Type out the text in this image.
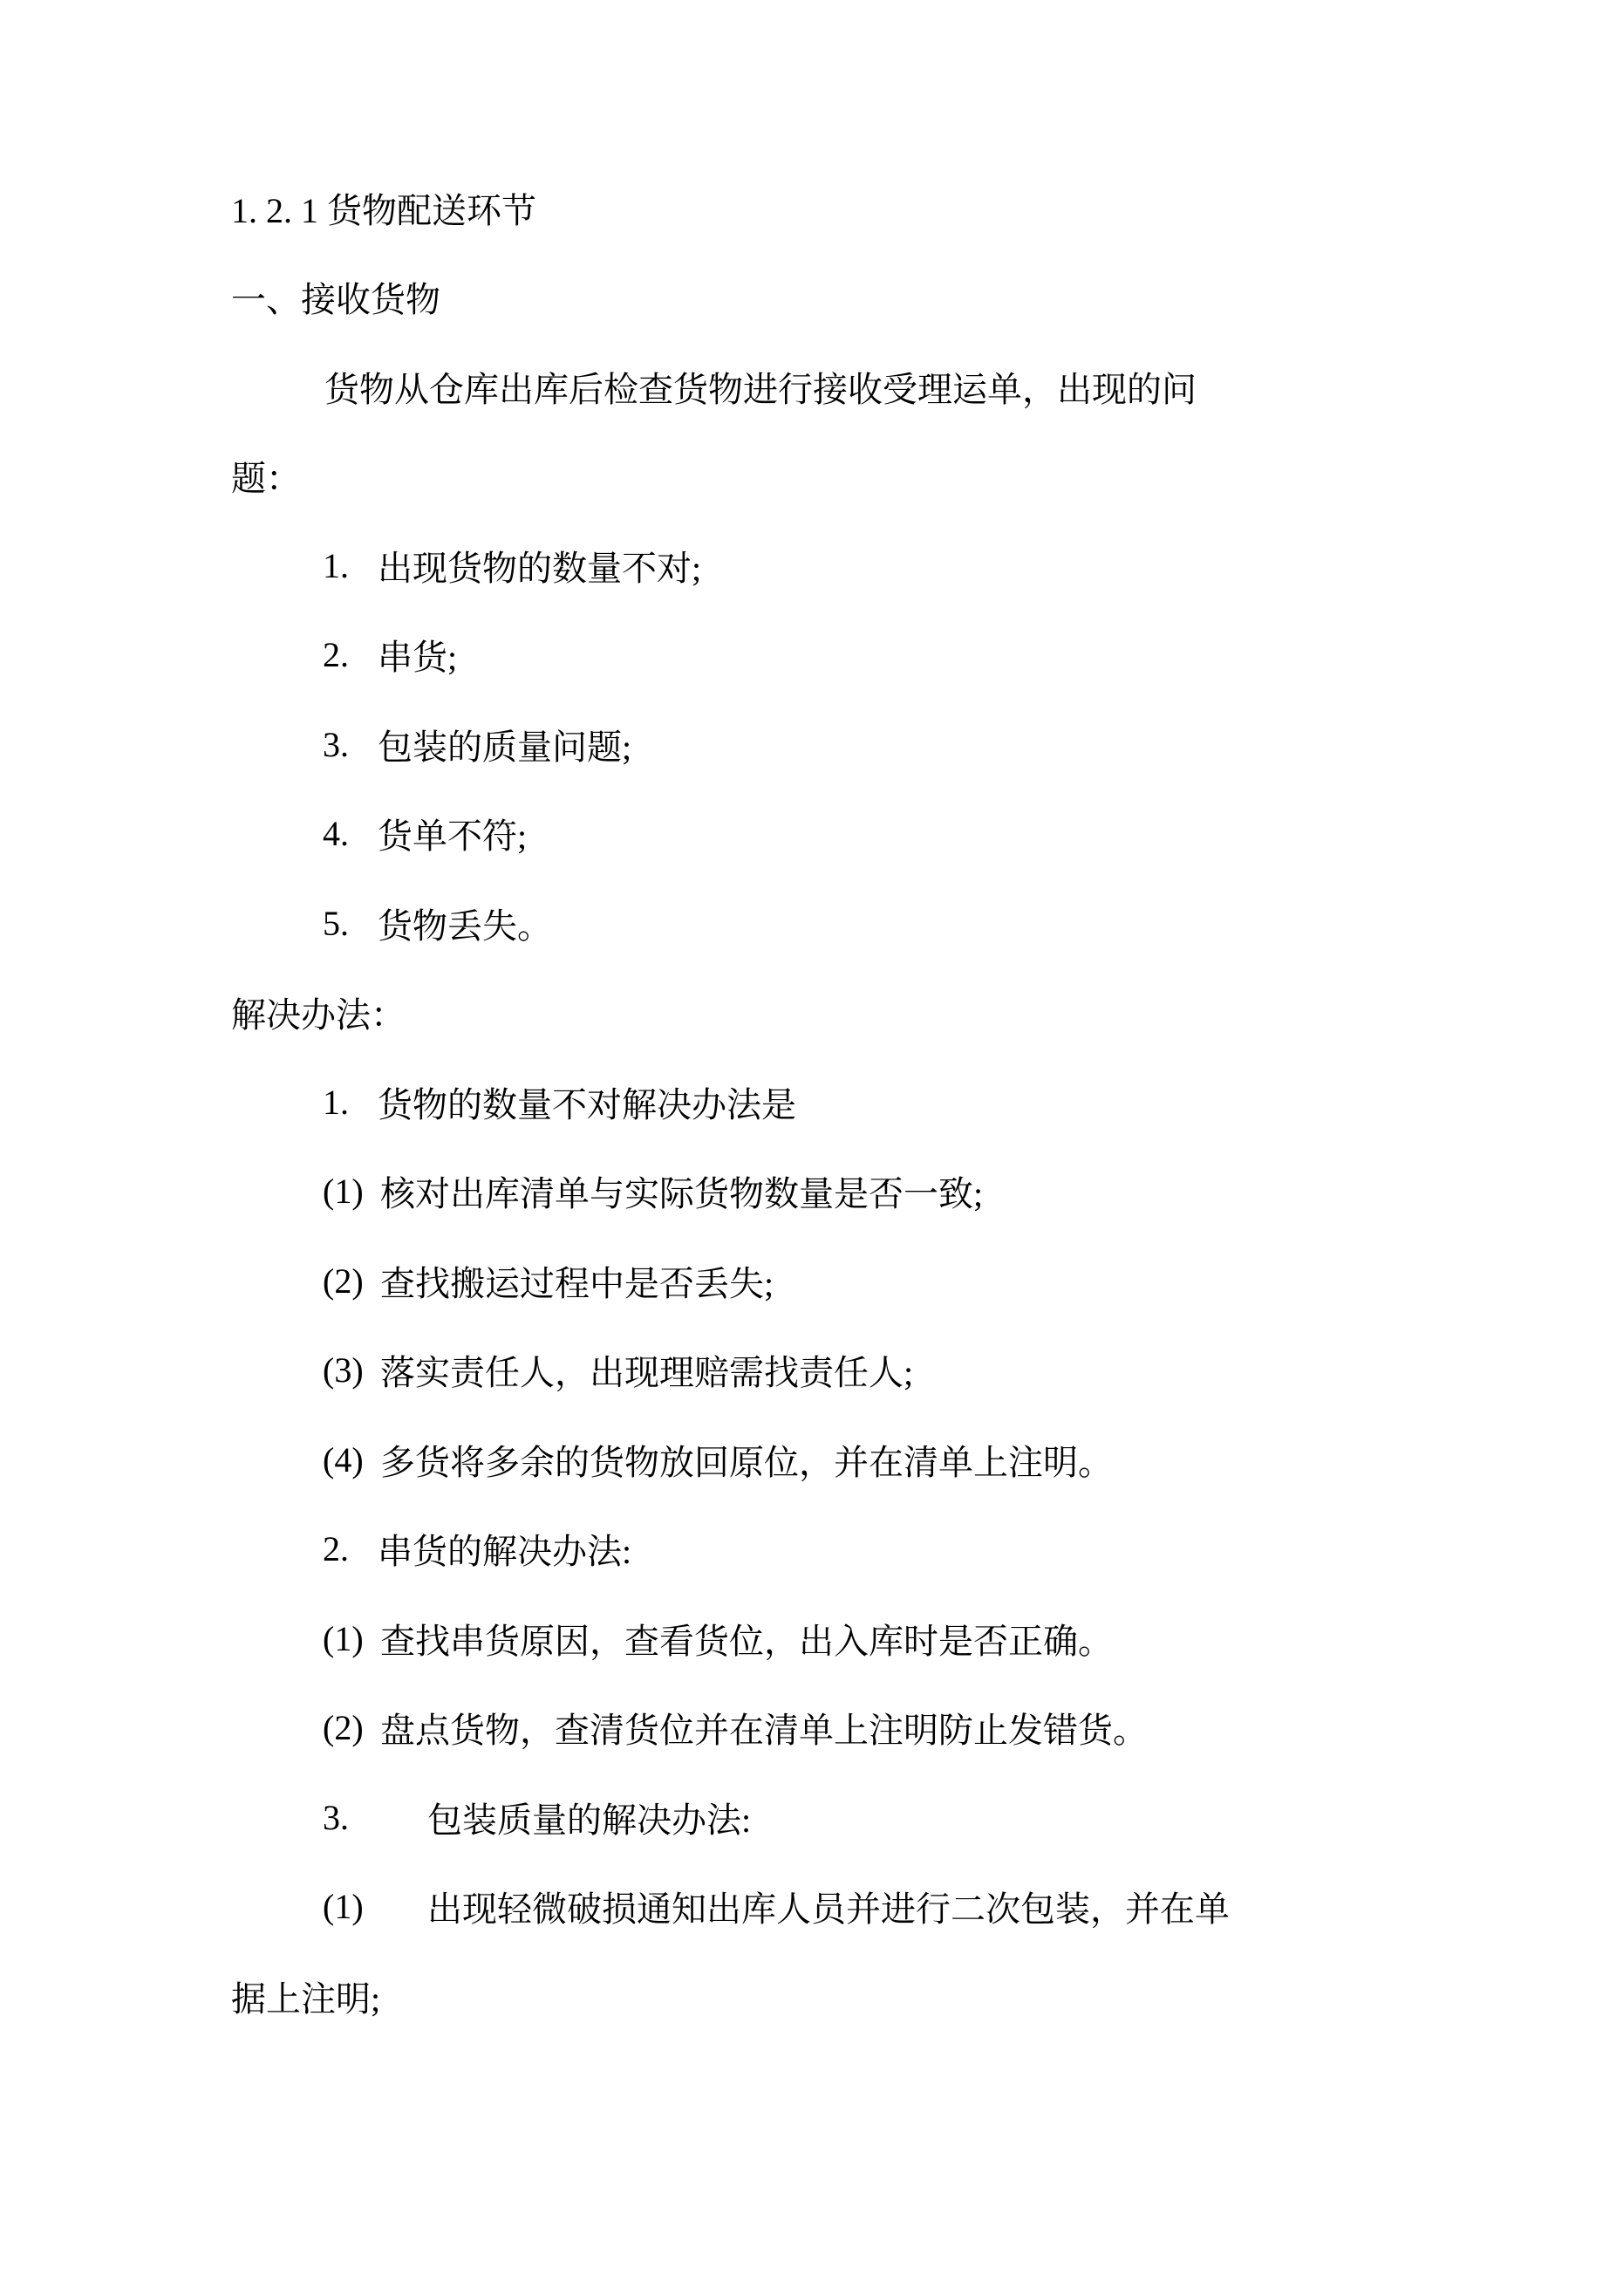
1. 2. 1 货物配送环节
一、接收货物
货物从仓库出库后检查货物进行接收受理运单，出现的问
题：
1. 出现货物的数量不对;
2. 串货;
3. 包装的质量问题;
4. 货单不符;
5. 货物丢失。
解决办法：
1. 货物的数量不对解决办法是
(1) 核对出库清单与实际货物数量是否一致;
(2) 查找搬运过程中是否丢失;
(3) 落实责任人，出现理赔需找责任人;
(4) 多货将多余的货物放回原位，并在清单上注明。
2. 串货的解决办法:
(1) 查找串货原因，查看货位，出入库时是否正确。
(2) 盘点货物，查清货位并在清单上注明防止发错货。
3.	包装质量的解决办法:
(1)	出现轻微破损通知出库人员并进行二次包装，并在单
据上注明;
